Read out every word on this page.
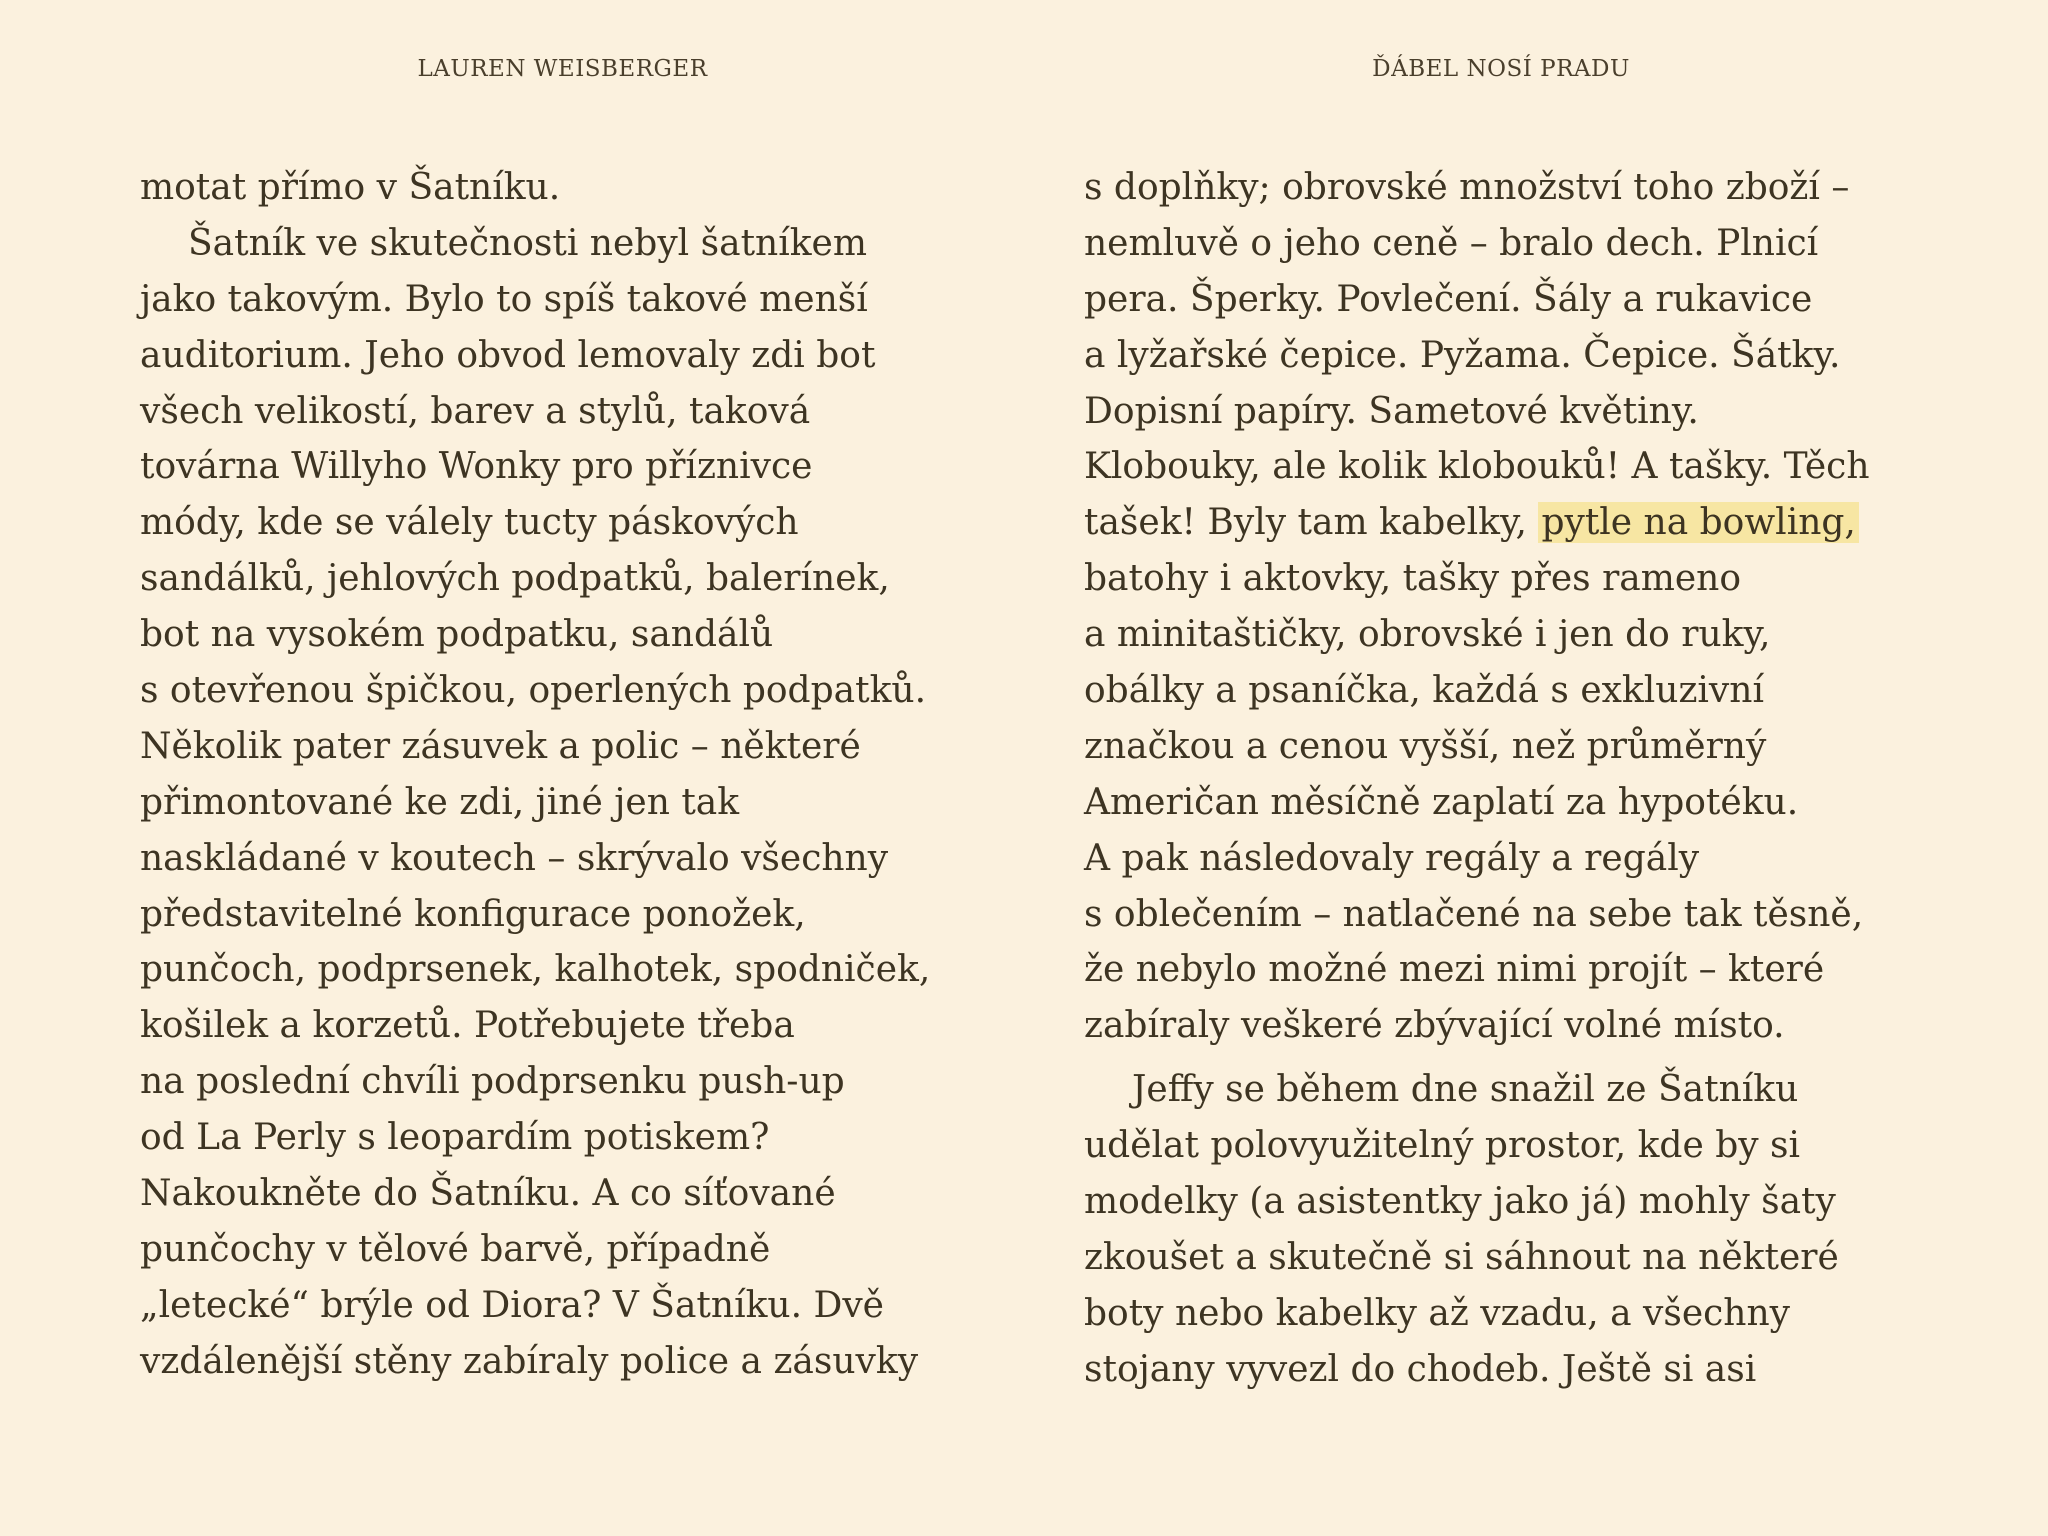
LAUREN WEISBERGER	ĎÁBEL NOSÍ PRADU
motat přímo v Šatníku.
Šatník ve skutečnosti nebyl šatníkem
jako takovým. Bylo to spíš takové menší
auditorium. Jeho obvod lemovaly zdi bot
všech velikostí, barev a stylů, taková
továrna Willyho Wonky pro příznivce
módy, kde se válely tucty páskových
sandálků, jehlových podpatků, balerínek,
bot na vysokém podpatku, sandálů
s otevřenou špičkou, operlených podpatků.
Několik pater zásuvek a polic – některé
přimontované ke zdi, jiné jen tak
naskládané v koutech – skrývalo všechny
představitelné konfigurace ponožek,
punčoch, podprsenek, kalhotek, spodniček,
košilek a korzetů. Potřebujete třeba
na poslední chvíli podprsenku push-up
od La Perly s leopardím potiskem?
Nakoukněte do Šatníku. A co síťované
punčochy v tělové barvě, případně
„letecké“ brýle od Diora? V Šatníku. Dvě
vzdálenější stěny zabíraly police a zásuvky
s doplňky; obrovské množství toho zboží –
nemluvě o jeho ceně – bralo dech. Plnicí
pera. Šperky. Povlečení. Šály a rukavice
a lyžařské čepice. Pyžama. Čepice. Šátky.
Dopisní papíry. Sametové květiny.
Klobouky, ale kolik klobouků! A tašky. Těch
tašek! Byly tam kabelky, pytle na bowling,
batohy i aktovky, tašky přes rameno
a minitaštičky, obrovské i jen do ruky,
obálky a psaníčka, každá s exkluzivní
značkou a cenou vyšší, než průměrný
Američan měsíčně zaplatí za hypotéku.
A pak následovaly regály a regály
s oblečením – natlačené na sebe tak těsně,
že nebylo možné mezi nimi projít – které
zabíraly veškeré zbývající volné místo.
Jeffy se během dne snažil ze Šatníku
udělat polovyužitelný prostor, kde by si
modelky (a asistentky jako já) mohly šaty
zkoušet a skutečně si sáhnout na některé
boty nebo kabelky až vzadu, a všechny
stojany vyvezl do chodeb. Ještě si asi
